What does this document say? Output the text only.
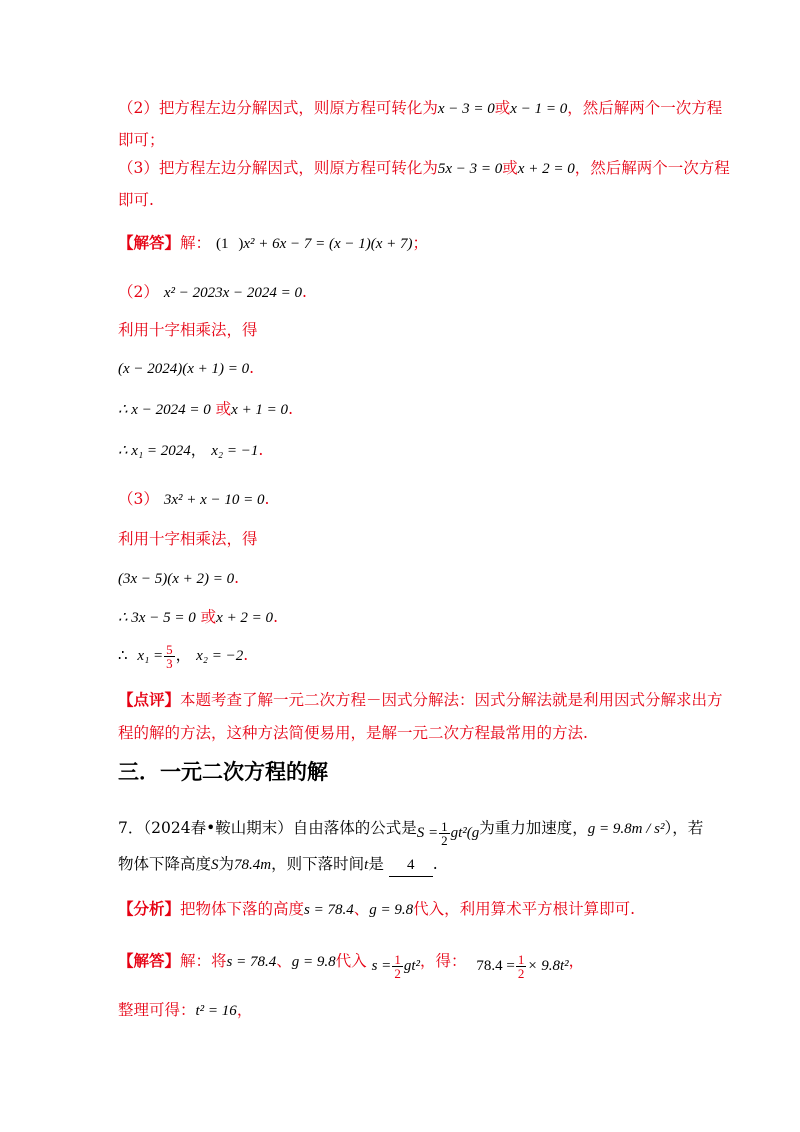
（2）把方程左边分解因式，则原方程可转化为x − 3 = 0或x − 1 = 0，然后解两个一次方程
即可；
（3）把方程左边分解因式，则原方程可转化为5x − 3 = 0或x + 2 = 0，然后解两个一次方程
即可.
【解答】解： (1 )x² + 6x − 7 = (x − 1)(x + 7)；
（2） x² − 2023x − 2024 = 0.
利用十字相乘法，得
(x − 2024)(x + 1) = 0.
∴ x − 2024 = 0 或x + 1 = 0.
∴ x₁ = 2024， x₂ = −1.
（3） 3x² + x − 10 = 0.
利用十字相乘法，得
(3x − 5)(x + 2) = 0.
∴ 3x − 5 = 0 或x + 2 = 0.
∴ $x_1 = \frac{5}{3}$ ， x₂ = −2.
【点评】本题考查了解一元二次方程－因式分解法：因式分解法就是利用因式分解求出方
程的解的方法，这种方法简便易用，是解一元二次方程最常用的方法.
三．一元二次方程的解
7．（2024春•鞍山期末）自由落体的公式是$S = \frac{1}{2} gt^2(g$为重力加速度，g = 9.8m / s²），若
物体下降高度S为78.4m，则下落时间t是 4 .
【分析】把物体下落的高度s = 78.4、g = 9.8代入，利用算术平方根计算即可.
【解答】解：将s = 78.4、g = 9.8代入 $s = \frac{1}{2} gt^2$，得： $78.4 = \frac{1}{2} \times 9.8t^2$，
整理可得：t² = 16，
